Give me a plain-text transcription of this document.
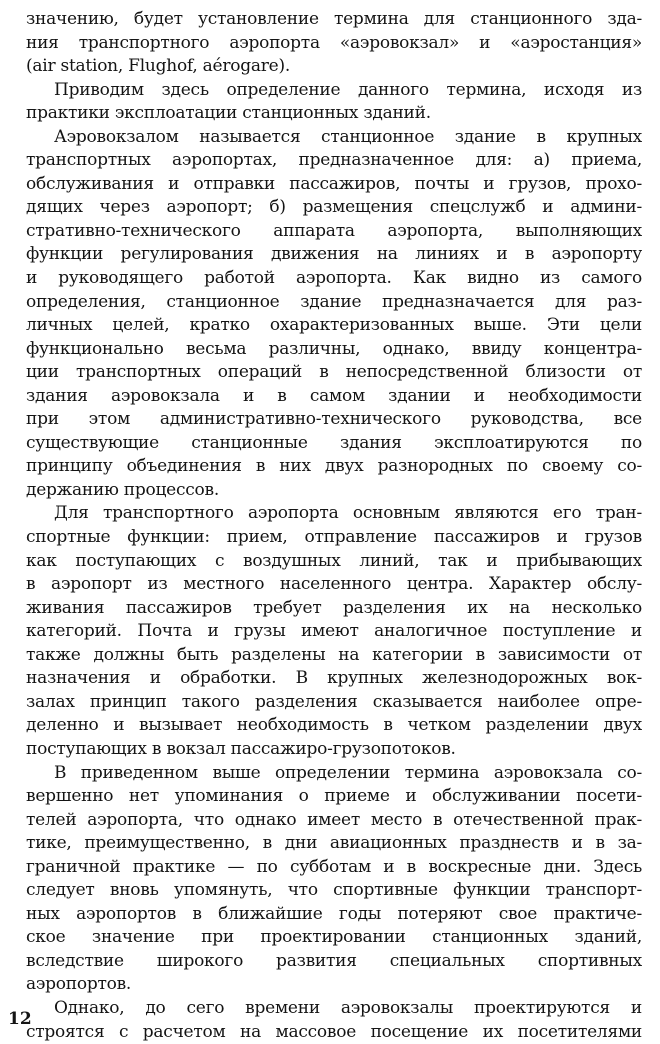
значению, будет установление термина для станционного зда-
ния транспортного аэропорта «аэровокзал» и «аэростанция»
(air station, Flughof, aérogare).
Приводим здесь определение данного термина, исходя из
практики эксплоатации станционных зданий.
Аэровокзалом называется станционное здание в крупных
транспортных аэропортах, предназначенное для: а) приема,
обслуживания и отправки пассажиров, почты и грузов, прохо-
дящих через аэропорт; б) размещения спецслужб и админи-
стративно-технического аппарата аэропорта, выполняющих
функции регулирования движения на линиях и в аэропорту
и руководящего работой аэропорта. Как видно из самого
определения, станционное здание предназначается для раз-
личных целей, кратко охарактеризованных выше. Эти цели
функционально весьма различны, однако, ввиду концентра-
ции транспортных операций в непосредственной близости от
здания аэровокзала и в самом здании и необходимости
при этом административно-технического руководства, все
существующие станционные здания эксплоатируются по
принципу объединения в них двух разнородных по своему со-
держанию процессов.
Для транспортного аэропорта основным являются его тран-
спортные функции: прием, отправление пассажиров и грузов
как поступающих с воздушных линий, так и прибывающих
в аэропорт из местного населенного центра. Характер обслу-
живания пассажиров требует разделения их на несколько
категорий. Почта и грузы имеют аналогичное поступление и
также должны быть разделены на категории в зависимости от
назначения и обработки. В крупных железнодорожных вок-
залах принцип такого разделения сказывается наиболее опре-
деленно и вызывает необходимость в четком разделении двух
поступающих в вокзал пассажиро-грузопотоков.
В приведенном выше определении термина аэровокзала со-
вершенно нет упоминания о приеме и обслуживании посети-
телей аэропорта, что однако имеет место в отечественной прак-
тике, преимущественно, в дни авиационных празднеств и в за-
граничной практике — по субботам и в воскресные дни. Здесь
следует вновь упомянуть, что спортивные функции транспорт-
ных аэропортов в ближайшие годы потеряют свое практиче-
ское значение при проектировании станционных зданий,
вследствие широкого развития специальных спортивных
аэропортов.
Однако, до сего времени аэровокзалы проектируются и
строятся с расчетом на массовое посещение их посетителями
12
